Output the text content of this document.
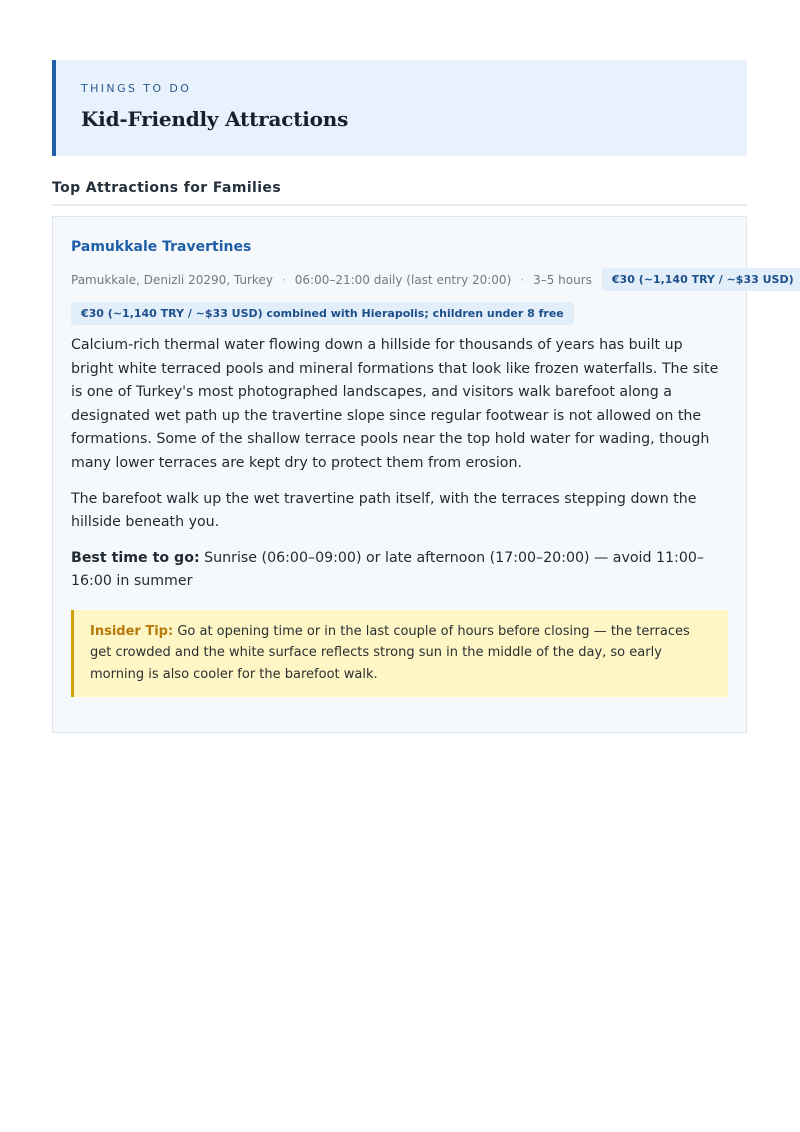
THINGS TO DO
Kid-Friendly Attractions
Top Attractions for Families
Pamukkale Travertines
Pamukkale, Denizli 20290, Turkey · 06:00–21:00 daily (last entry 20:00) · 3–5 hours	€30 (~1,140 TRY / ~$33 USD)
€30 (~1,140 TRY / ~$33 USD) combined with Hierapolis; children under 8 free

Calcium-rich thermal water flowing down a hillside for thousands of years has built up bright white terraced pools and mineral formations that look like frozen waterfalls. The site is one of Turkey's most photographed landscapes, and visitors walk barefoot along a designated wet path up the travertine slope since regular footwear is not allowed on the formations. Some of the shallow terrace pools near the top hold water for wading, though many lower terraces are kept dry to protect them from erosion.

The barefoot walk up the wet travertine path itself, with the terraces stepping down the hillside beneath you.

Best time to go: Sunrise (06:00–09:00) or late afternoon (17:00–20:00) — avoid 11:00–16:00 in summer

Insider Tip: Go at opening time or in the last couple of hours before closing — the terraces get crowded and the white surface reflects strong sun in the middle of the day, so early morning is also cooler for the barefoot walk.
